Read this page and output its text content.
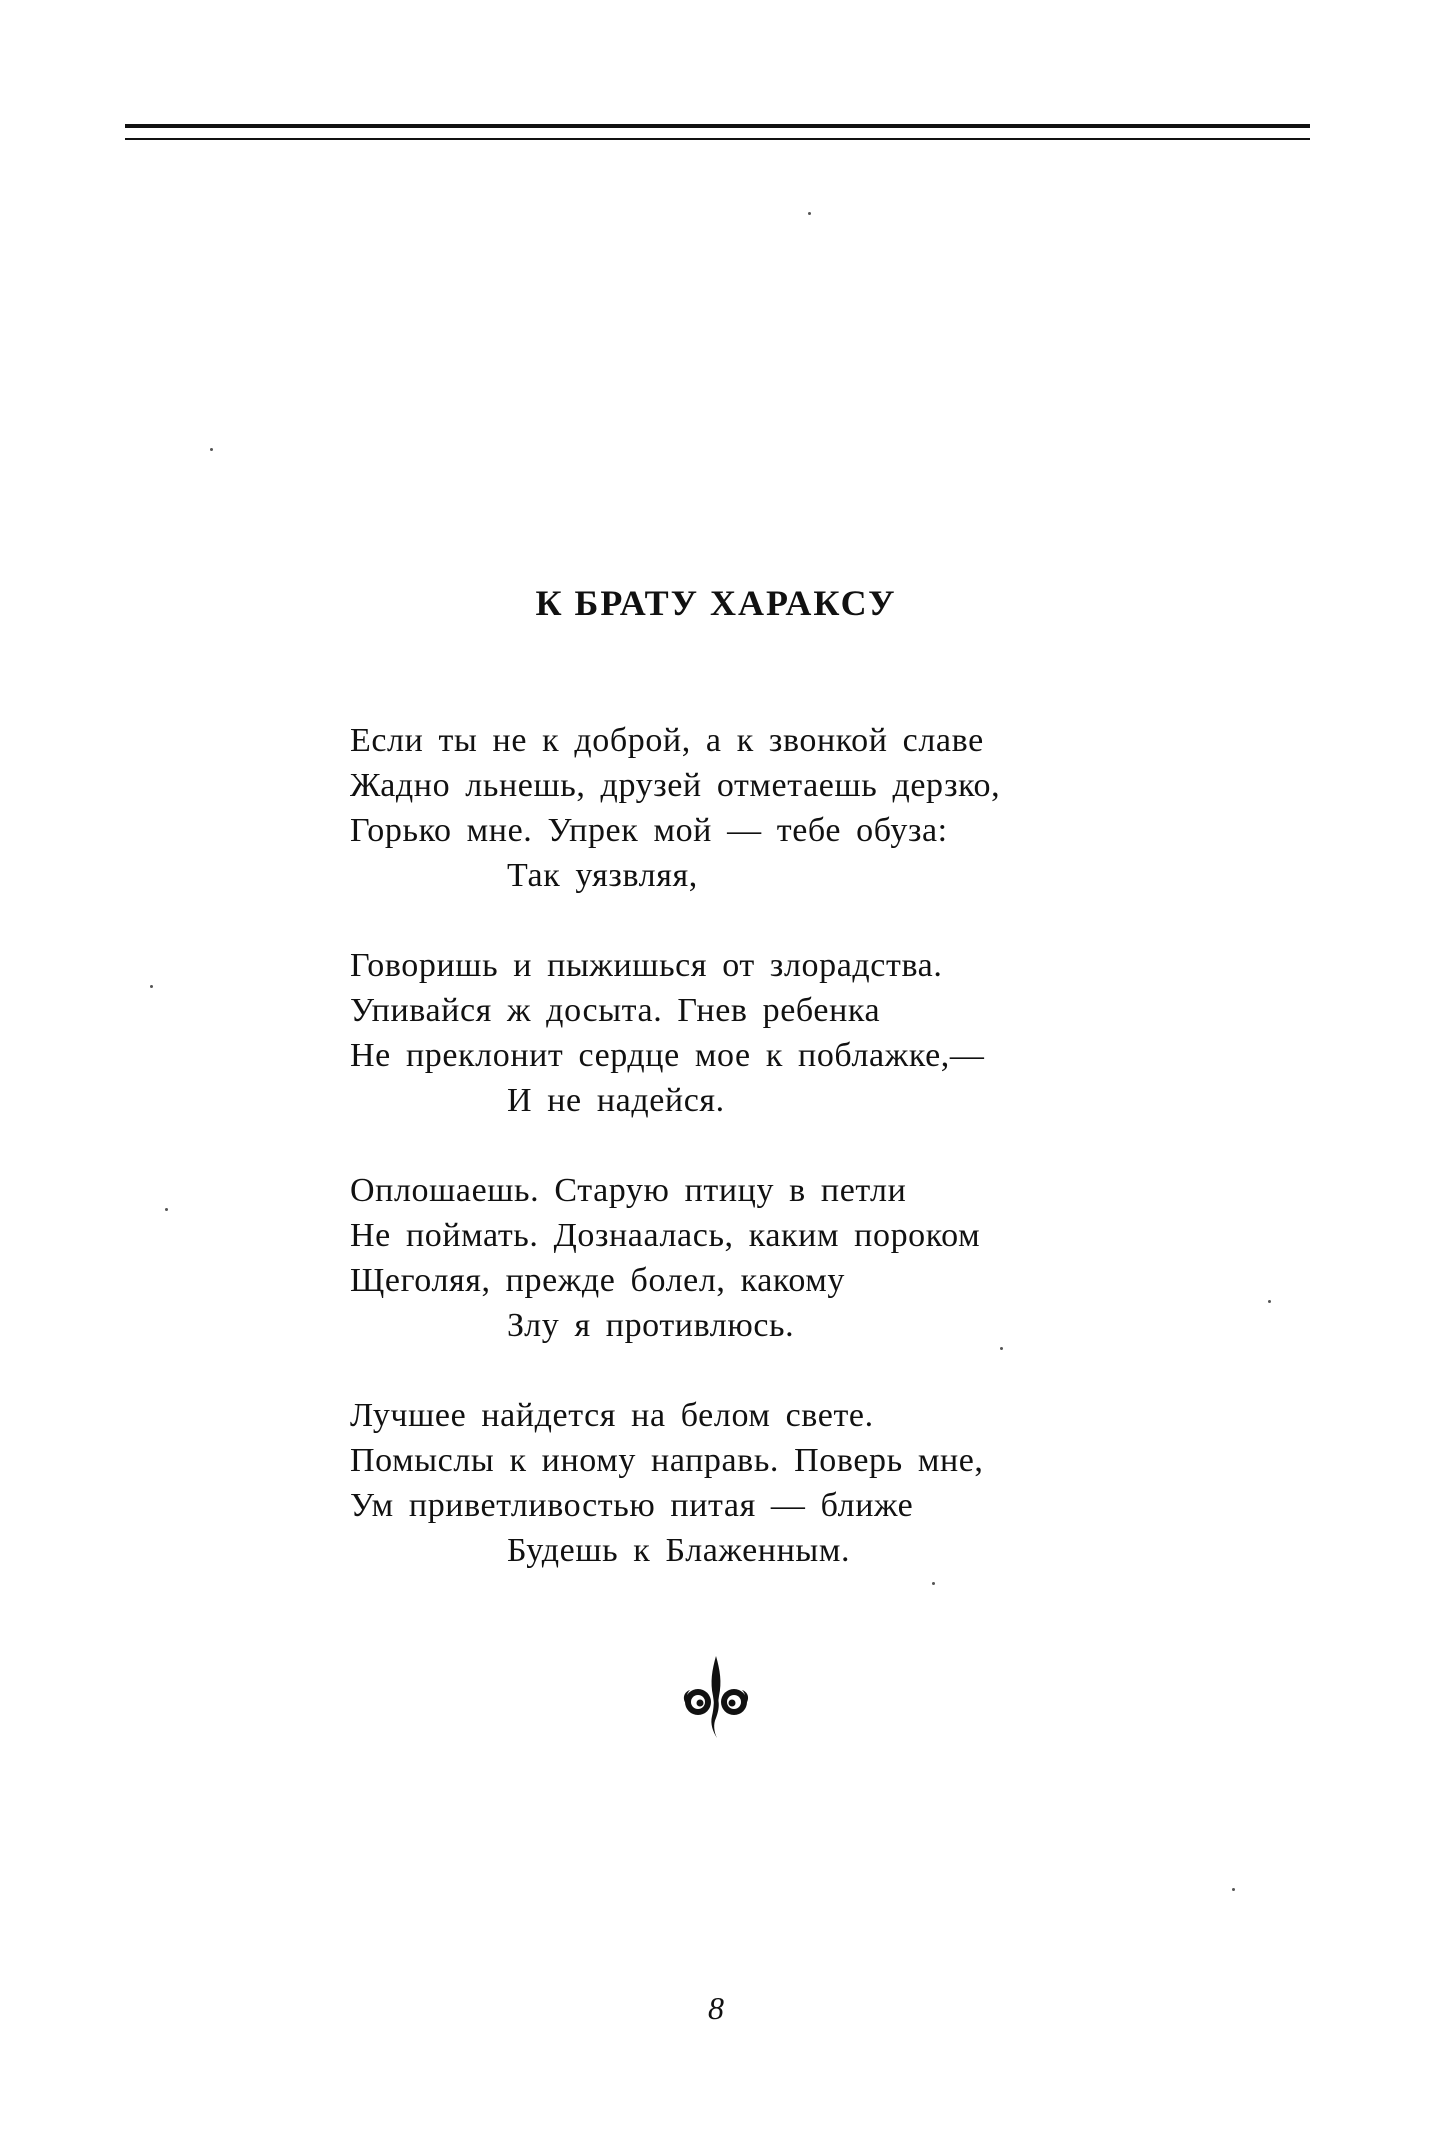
К БРАТУ ХАРАКСУ
Если ты не к доброй, а к звонкой славе
Жадно льнешь, друзей отметаешь дерзко,
Горько мне. Упрек мой — тебе обуза:
Так уязвляя,
Говоришь и пыжишься от злорадства.
Упивайся ж досыта. Гнев ребенка
Не преклонит сердце мое к поблажке,—
И не надейся.
Оплошаешь. Старую птицу в петли
Не поймать. Дознаалась, каким пороком
Щеголяя, прежде болел, какому
Злу я противлюсь.
Лучшее найдется на белом свете.
Помыслы к иному направь. Поверь мне,
Ум приветливостью питая — ближе
Будешь к Блаженным.
8
